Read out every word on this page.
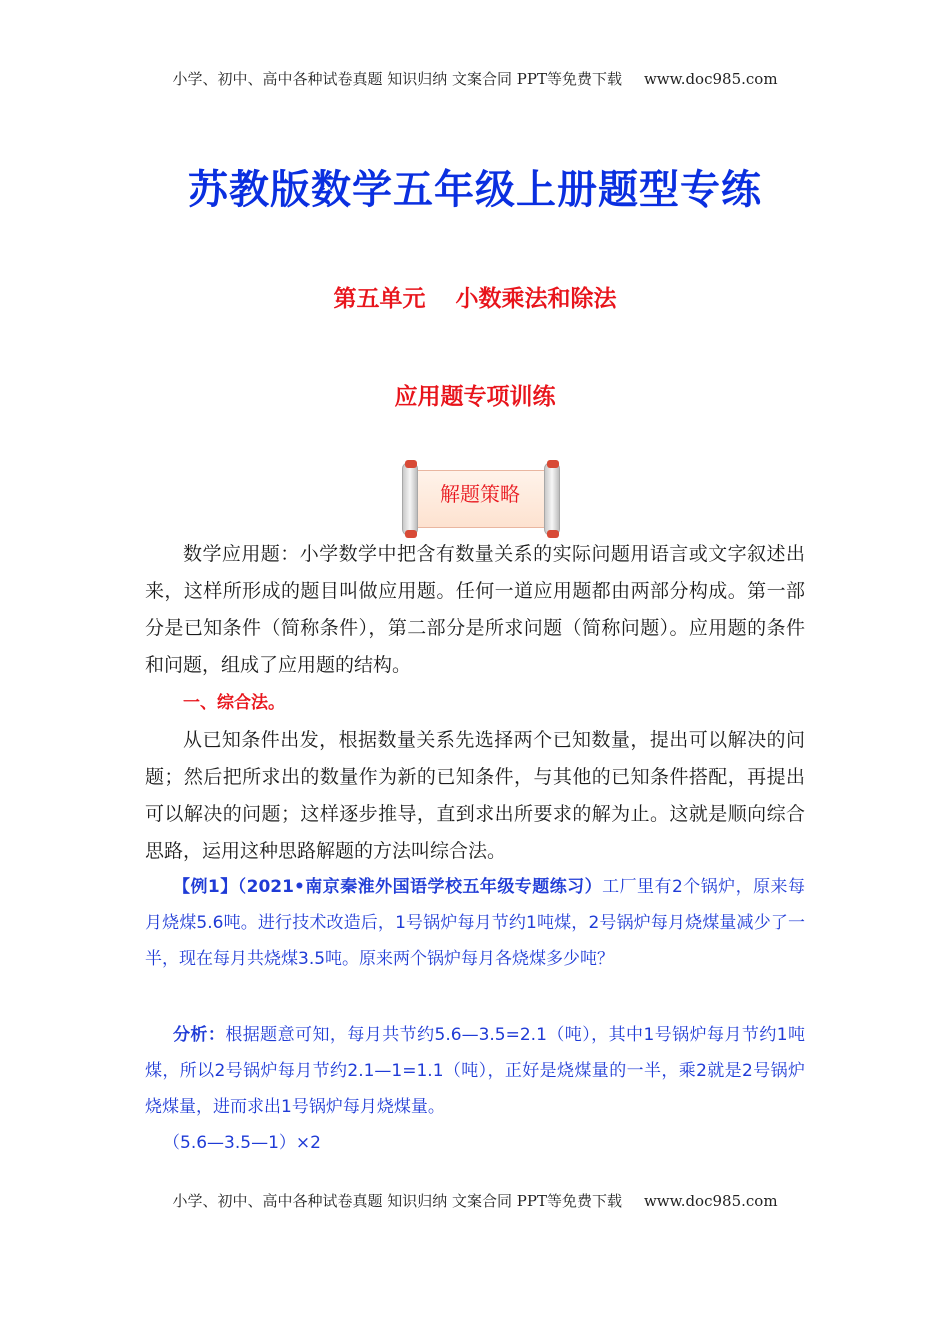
小学、初中、高中各种试卷真题 知识归纳 文案合同 PPT等免费下载 www.doc985.com
苏教版数学五年级上册题型专练
第五单元 小数乘法和除法
应用题专项训练
解题策略
数学应用题：小学数学中把含有数量关系的实际问题用语言或文字叙述出来，这样所形成的题目叫做应用题。任何一道应用题都由两部分构成。第一部分是已知条件（简称条件），第二部分是所求问题（简称问题）。应用题的条件和问题，组成了应用题的结构。
一、综合法。
从已知条件出发，根据数量关系先选择两个已知数量，提出可以解决的问题；然后把所求出的数量作为新的已知条件，与其他的已知条件搭配，再提出可以解决的问题；这样逐步推导，直到求出所要求的解为止。这就是顺向综合思路，运用这种思路解题的方法叫综合法。
【例1】（2021•南京秦淮外国语学校五年级专题练习）工厂里有2个锅炉，原来每月烧煤5.6吨。进行技术改造后，1号锅炉每月节约1吨煤，2号锅炉每月烧煤量减少了一半，现在每月共烧煤3.5吨。原来两个锅炉每月各烧煤多少吨？
分析：根据题意可知，每月共节约5.6—3.5=2.1（吨），其中1号锅炉每月节约1吨煤，所以2号锅炉每月节约2.1—1=1.1（吨），正好是烧煤量的一半，乘2就是2号锅炉烧煤量，进而求出1号锅炉每月烧煤量。
（5.6—3.5—1）×2
小学、初中、高中各种试卷真题 知识归纳 文案合同 PPT等免费下载 www.doc985.com
